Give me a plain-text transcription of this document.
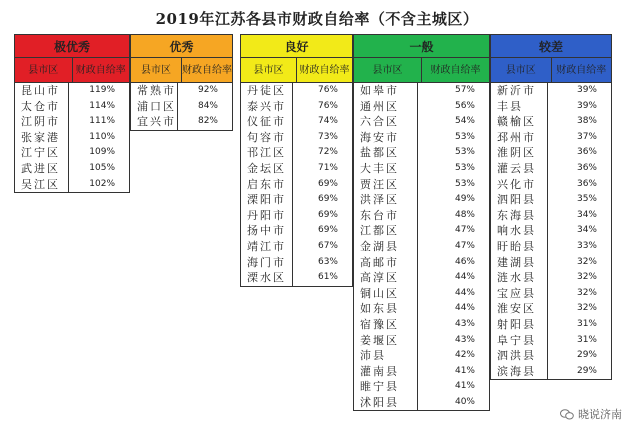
2019年江苏各县市财政自给率（不含主城区）
极优秀
县市区	财政自给率
昆山市	119%
太仓市	114%
江阴市	111%
张家港	110%
江宁区	109%
武进区	105%
吴江区	102%
优秀
县市区	财政自给率
常熟市	92%
浦口区	84%
宜兴市	82%
良好
县市区	财政自给率
丹徒区	76%
泰兴市	76%
仪征市	74%
句容市	73%
邗江区	72%
金坛区	71%
启东市	69%
溧阳市	69%
丹阳市	69%
扬中市	69%
靖江市	67%
海门市	63%
溧水区	61%
一般
县市区	财政自给率
如皋市	57%
通州区	56%
六合区	54%
海安市	53%
盐都区	53%
大丰区	53%
贾汪区	53%
洪泽区	49%
东台市	48%
江都区	47%
金湖县	47%
高邮市	46%
高淳区	44%
铜山区	44%
如东县	44%
宿豫区	43%
姜堰区	43%
沛县	42%
灌南县	41%
睢宁县	41%
沭阳县	40%
较差
县市区	财政自给率
新沂市	39%
丰县	39%
赣榆区	38%
邳州市	37%
淮阴区	36%
灌云县	36%
兴化市	36%
泗阳县	35%
东海县	34%
响水县	34%
盱眙县	33%
建湖县	32%
涟水县	32%
宝应县	32%
淮安区	32%
射阳县	31%
阜宁县	31%
泗洪县	29%
滨海县	29%
晓说济南
